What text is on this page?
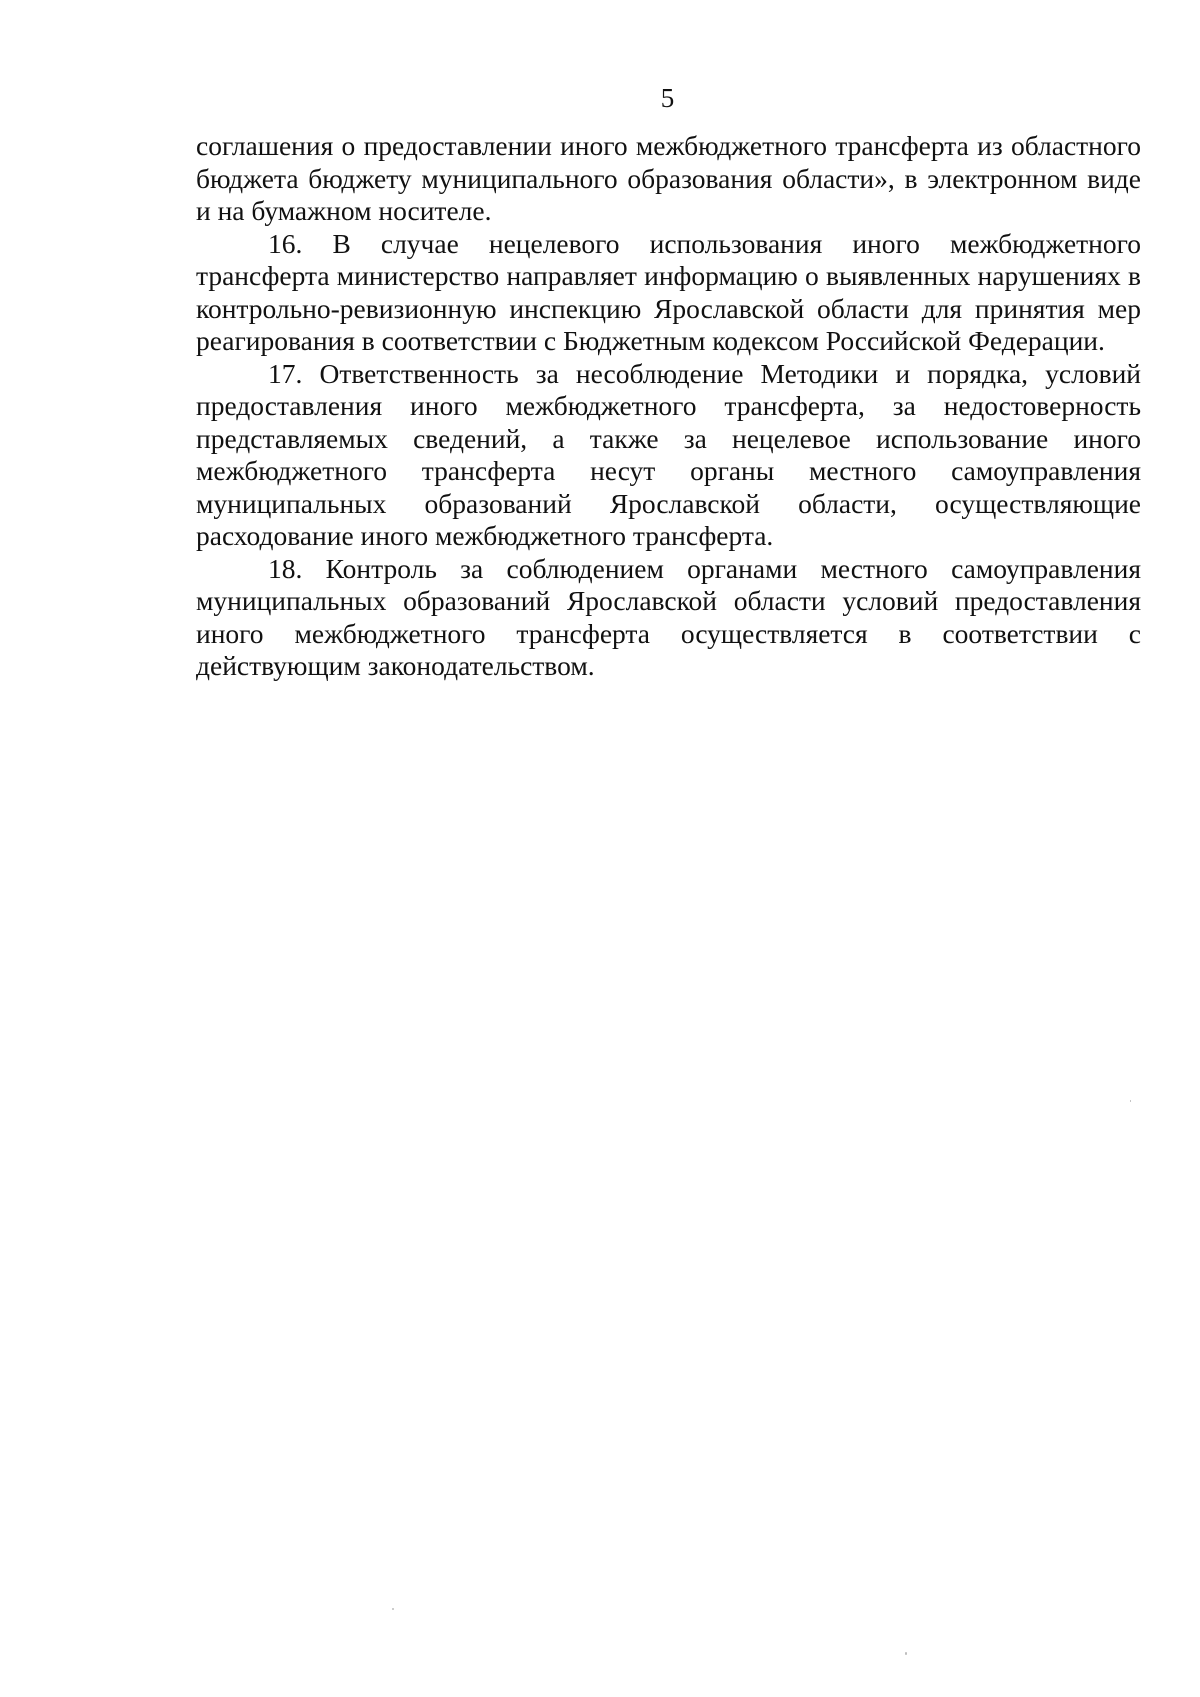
5

соглашения о предоставлении иного межбюджетного трансферта из областного бюджета бюджету муниципального образования области», в электронном виде и на бумажном носителе.

16. В случае нецелевого использования иного межбюджетного трансферта министерство направляет информацию о выявленных нарушениях в контрольно-ревизионную инспекцию Ярославской области для принятия мер реагирования в соответствии с Бюджетным кодексом Российской Федерации.

17. Ответственность за несоблюдение Методики и порядка, условий предоставления иного межбюджетного трансферта, за недостоверность представляемых сведений, а также за нецелевое использование иного межбюджетного трансферта несут органы местного самоуправления муниципальных образований Ярославской области, осуществляющие расходование иного межбюджетного трансферта.

18. Контроль за соблюдением органами местного самоуправления муниципальных образований Ярославской области условий предоставления иного межбюджетного трансферта осуществляется в соответствии с действующим законодательством.
